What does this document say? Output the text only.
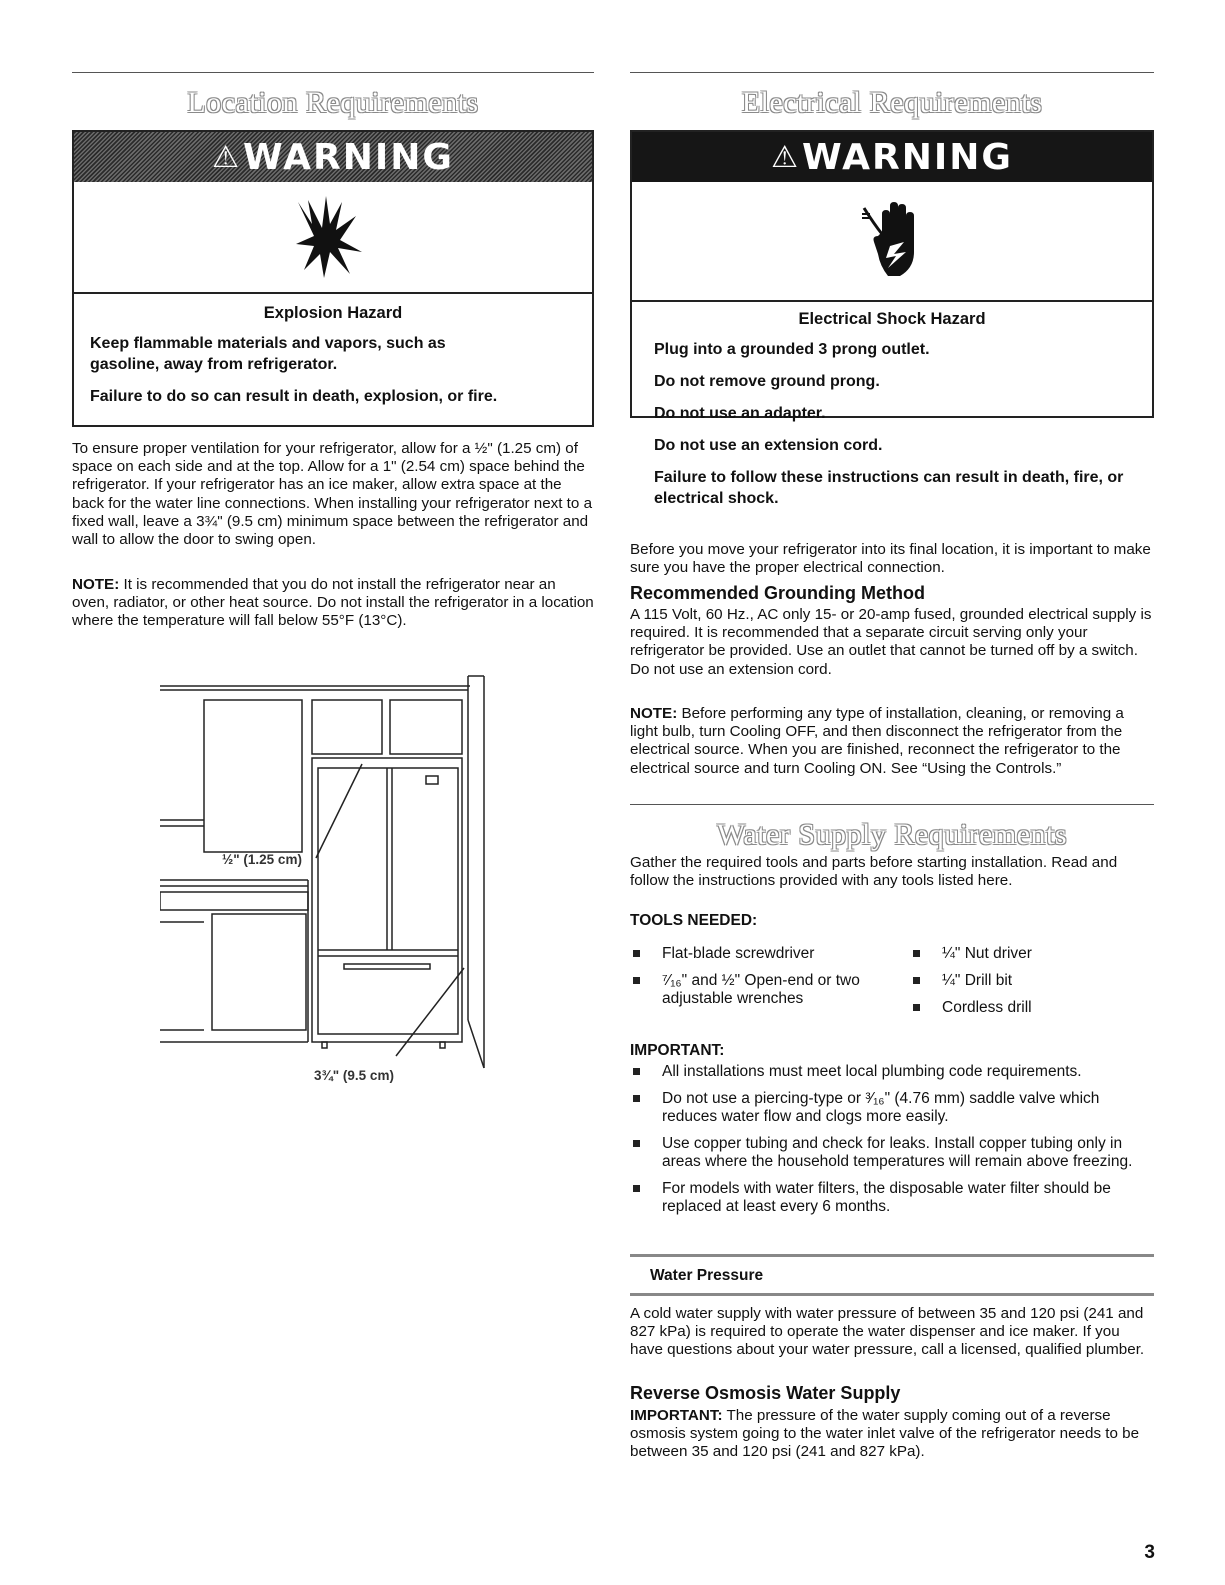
Location Requirements
⚠WARNING

Explosion Hazard

Keep flammable materials and vapors, such as gasoline, away from refrigerator.

Failure to do so can result in death, explosion, or fire.

To ensure proper ventilation for your refrigerator, allow for a ½" (1.25 cm) of space on each side and at the top. Allow for a 1" (2.54 cm) space behind the refrigerator. If your refrigerator has an ice maker, allow extra space at the back for the water line connections. When installing your refrigerator next to a fixed wall, leave a 3¾" (9.5 cm) minimum space between the refrigerator and wall to allow the door to swing open.

NOTE: It is recommended that you do not install the refrigerator near an oven, radiator, or other heat source. Do not install the refrigerator in a location where the temperature will fall below 55°F (13°C).

½" (1.25 cm)
3¾" (9.5 cm)
Electrical Requirements
⚠WARNING

Electrical Shock Hazard

Plug into a grounded 3 prong outlet.

Do not remove ground prong.

Do not use an adapter.

Do not use an extension cord.

Failure to follow these instructions can result in death, fire, or electrical shock.

Before you move your refrigerator into its final location, it is important to make sure you have the proper electrical connection.

Recommended Grounding Method

A 115 Volt, 60 Hz., AC only 15- or 20-amp fused, grounded electrical supply is required. It is recommended that a separate circuit serving only your refrigerator be provided. Use an outlet that cannot be turned off by a switch. Do not use an extension cord.

NOTE: Before performing any type of installation, cleaning, or removing a light bulb, turn Cooling OFF, and then disconnect the refrigerator from the electrical source. When you are finished, reconnect the refrigerator to the electrical source and turn Cooling ON. See “Using the Controls.”

Water Supply Requirements

Gather the required tools and parts before starting installation. Read and follow the instructions provided with any tools listed here.

TOOLS NEEDED:

Flat-blade screwdriver
⁷⁄₁₆" and ½" Open-end or two adjustable wrenches
¼" Nut driver
¼" Drill bit
Cordless drill

IMPORTANT:

All installations must meet local plumbing code requirements.
Do not use a piercing-type or ³⁄₁₆" (4.76 mm) saddle valve which reduces water flow and clogs more easily.
Use copper tubing and check for leaks. Install copper tubing only in areas where the household temperatures will remain above freezing.
For models with water filters, the disposable water filter should be replaced at least every 6 months.
Water Pressure

A cold water supply with water pressure of between 35 and 120 psi (241 and 827 kPa) is required to operate the water dispenser and ice maker. If you have questions about your water pressure, call a licensed, qualified plumber.

Reverse Osmosis Water Supply

IMPORTANT: The pressure of the water supply coming out of a reverse osmosis system going to the water inlet valve of the refrigerator needs to be between 35 and 120 psi (241 and 827 kPa).

3
